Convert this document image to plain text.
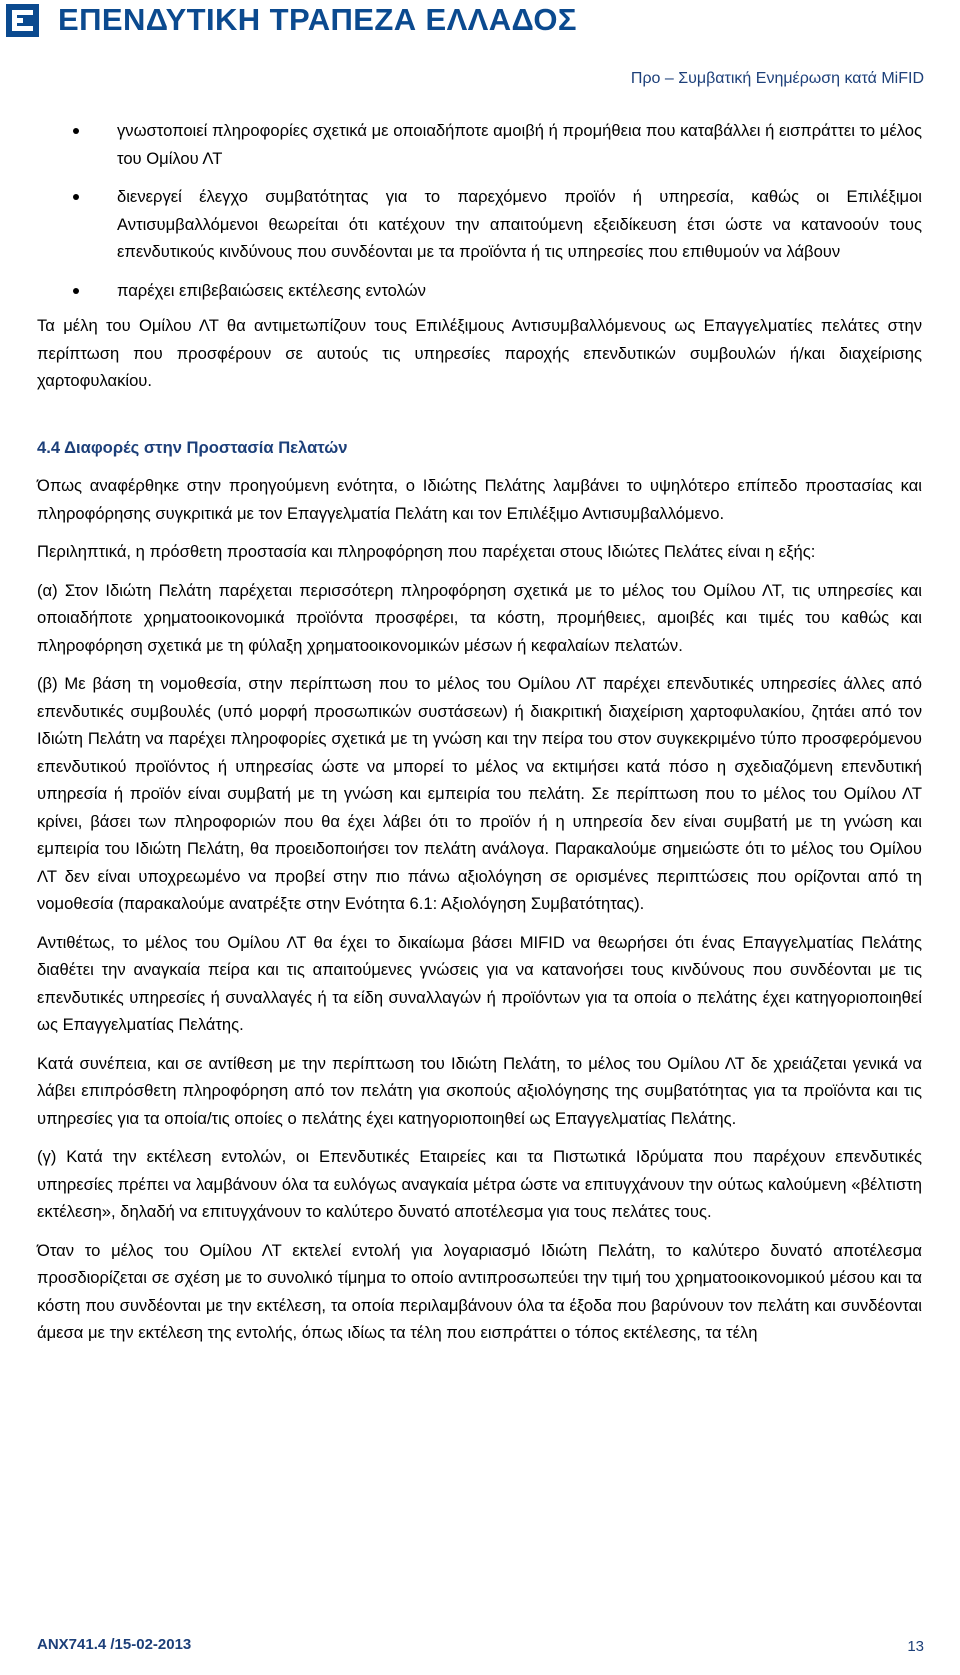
ΕΠΕΝΔΥΤΙΚΗ ΤΡΑΠΕΖΑ ΕΛΛΑΔΟΣ
Προ – Συμβατική Ενημέρωση κατά MiFID
γνωστοποιεί πληροφορίες σχετικά με οποιαδήποτε αμοιβή ή προμήθεια που καταβάλλει ή εισπράττει το μέλος του Ομίλου ΛΤ
διενεργεί έλεγχο συμβατότητας για το παρεχόμενο προϊόν ή υπηρεσία, καθώς οι Επιλέξιμοι Αντισυμβαλλόμενοι θεωρείται ότι κατέχουν την απαιτούμενη εξειδίκευση έτσι ώστε να κατανοούν τους επενδυτικούς κινδύνους που συνδέονται με τα προϊόντα ή τις υπηρεσίες που επιθυμούν να λάβουν
παρέχει επιβεβαιώσεις εκτέλεσης εντολών

Τα μέλη του Ομίλου ΛΤ θα αντιμετωπίζουν τους Επιλέξιμους Αντισυμβαλλόμενους ως Επαγγελματίες πελάτες στην περίπτωση που προσφέρουν σε αυτούς τις υπηρεσίες παροχής επενδυτικών συμβουλών ή/και διαχείρισης χαρτοφυλακίου.

4.4 Διαφορές στην Προστασία Πελατών

Όπως αναφέρθηκε στην προηγούμενη ενότητα, ο Ιδιώτης Πελάτης λαμβάνει το υψηλότερο επίπεδο προστασίας και πληροφόρησης συγκριτικά με τον Επαγγελματία Πελάτη και τον Επιλέξιμο Αντισυμβαλλόμενο.

Περιληπτικά, η πρόσθετη προστασία και πληροφόρηση που παρέχεται στους Ιδιώτες Πελάτες είναι η εξής:

(α) Στον Ιδιώτη Πελάτη παρέχεται περισσότερη πληροφόρηση σχετικά με το μέλος του Ομίλου ΛΤ, τις υπηρεσίες και οποιαδήποτε χρηματοοικονομικά προϊόντα προσφέρει, τα κόστη, προμήθειες, αμοιβές και τιμές του καθώς και πληροφόρηση σχετικά με τη φύλαξη χρηματοοικονομικών μέσων ή κεφαλαίων πελατών.

(β) Με βάση τη νομοθεσία, στην περίπτωση που το μέλος του Ομίλου ΛΤ παρέχει επενδυτικές υπηρεσίες άλλες από επενδυτικές συμβουλές (υπό μορφή προσωπικών συστάσεων) ή διακριτική διαχείριση χαρτοφυλακίου, ζητάει από τον Ιδιώτη Πελάτη να παρέχει πληροφορίες σχετικά με τη γνώση και την πείρα του στον συγκεκριμένο τύπο προσφερόμενου επενδυτικού προϊόντος ή υπηρεσίας ώστε να μπορεί το μέλος να εκτιμήσει κατά πόσο η σχεδιαζόμενη επενδυτική υπηρεσία ή προϊόν είναι συμβατή με τη γνώση και εμπειρία του πελάτη. Σε περίπτωση που το μέλος του Ομίλου ΛΤ κρίνει, βάσει των πληροφοριών που θα έχει λάβει ότι το προϊόν ή η υπηρεσία δεν είναι συμβατή με τη γνώση και εμπειρία του Ιδιώτη Πελάτη, θα προειδοποιήσει τον πελάτη ανάλογα. Παρακαλούμε σημειώστε ότι το μέλος του Ομίλου ΛΤ δεν είναι υποχρεωμένο να προβεί στην πιο πάνω αξιολόγηση σε ορισμένες περιπτώσεις που ορίζονται από τη νομοθεσία (παρακαλούμε ανατρέξτε στην Ενότητα 6.1: Αξιολόγηση Συμβατότητας).

Αντιθέτως, το μέλος του Ομίλου ΛΤ θα έχει το δικαίωμα βάσει MIFID να θεωρήσει ότι ένας Επαγγελματίας Πελάτης διαθέτει την αναγκαία πείρα και τις απαιτούμενες γνώσεις για να κατανοήσει τους κινδύνους που συνδέονται με τις επενδυτικές υπηρεσίες ή συναλλαγές ή τα είδη συναλλαγών ή προϊόντων για τα οποία ο πελάτης έχει κατηγοριοποιηθεί ως Επαγγελματίας Πελάτης.

Κατά συνέπεια, και σε αντίθεση με την περίπτωση του Ιδιώτη Πελάτη, το μέλος του Ομίλου ΛΤ δε χρειάζεται γενικά να λάβει επιπρόσθετη πληροφόρηση από τον πελάτη για σκοπούς αξιολόγησης της συμβατότητας για τα προϊόντα και τις υπηρεσίες για τα οποία/τις οποίες ο πελάτης έχει κατηγοριοποιηθεί ως Επαγγελματίας Πελάτης.

(γ) Κατά την εκτέλεση εντολών, οι Επενδυτικές Εταιρείες και τα Πιστωτικά Ιδρύματα που παρέχουν επενδυτικές υπηρεσίες πρέπει να λαμβάνουν όλα τα ευλόγως αναγκαία μέτρα ώστε να επιτυγχάνουν την ούτως καλούμενη «βέλτιστη εκτέλεση», δηλαδή να επιτυγχάνουν το καλύτερο δυνατό αποτέλεσμα για τους πελάτες τους.

Όταν το μέλος του Ομίλου ΛΤ εκτελεί εντολή για λογαριασμό Ιδιώτη Πελάτη, το καλύτερο δυνατό αποτέλεσμα προσδιορίζεται σε σχέση με το συνολικό τίμημα το οποίο αντιπροσωπεύει την τιμή του χρηματοοικονομικού μέσου και τα κόστη που συνδέονται με την εκτέλεση, τα οποία περιλαμβάνουν όλα τα έξοδα που βαρύνουν τον πελάτη και συνδέονται άμεσα με την εκτέλεση της εντολής, όπως ιδίως τα τέλη που εισπράττει ο τόπος εκτέλεσης, τα τέλη

ANX741.4 /15-02-2013	13
